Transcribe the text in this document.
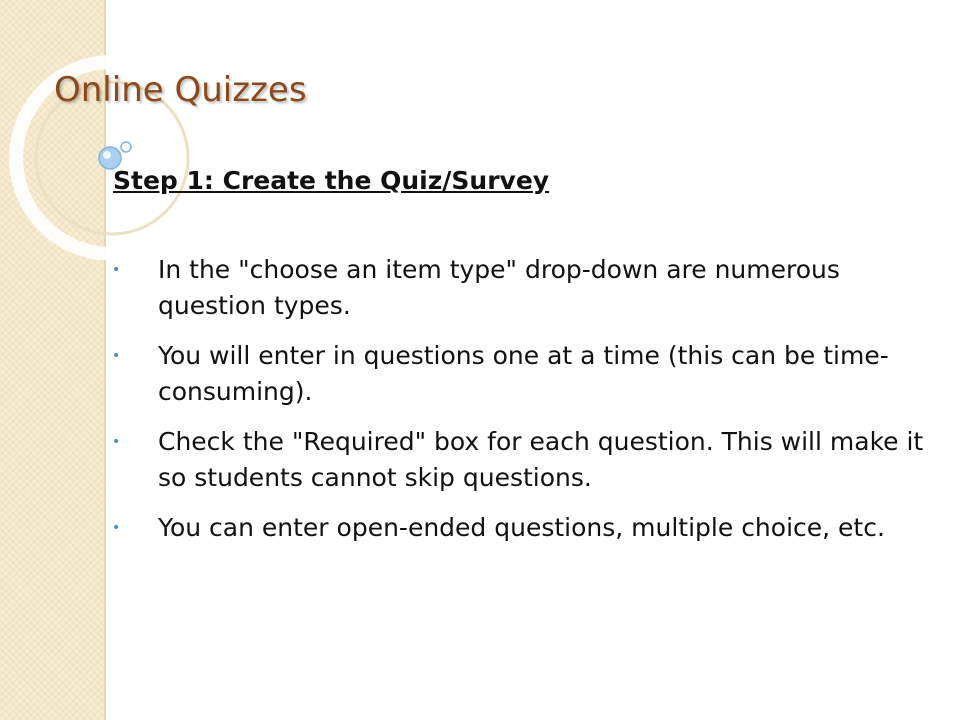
Online Quizzes
Step 1: Create the Quiz/Survey
•	In the "choose an item type" drop-down are numerous question types.
•	You will enter in questions one at a time (this can be time-consuming).
•	Check the "Required" box for each question. This will make it so students cannot skip questions.
•	You can enter open-ended questions, multiple choice, etc.
